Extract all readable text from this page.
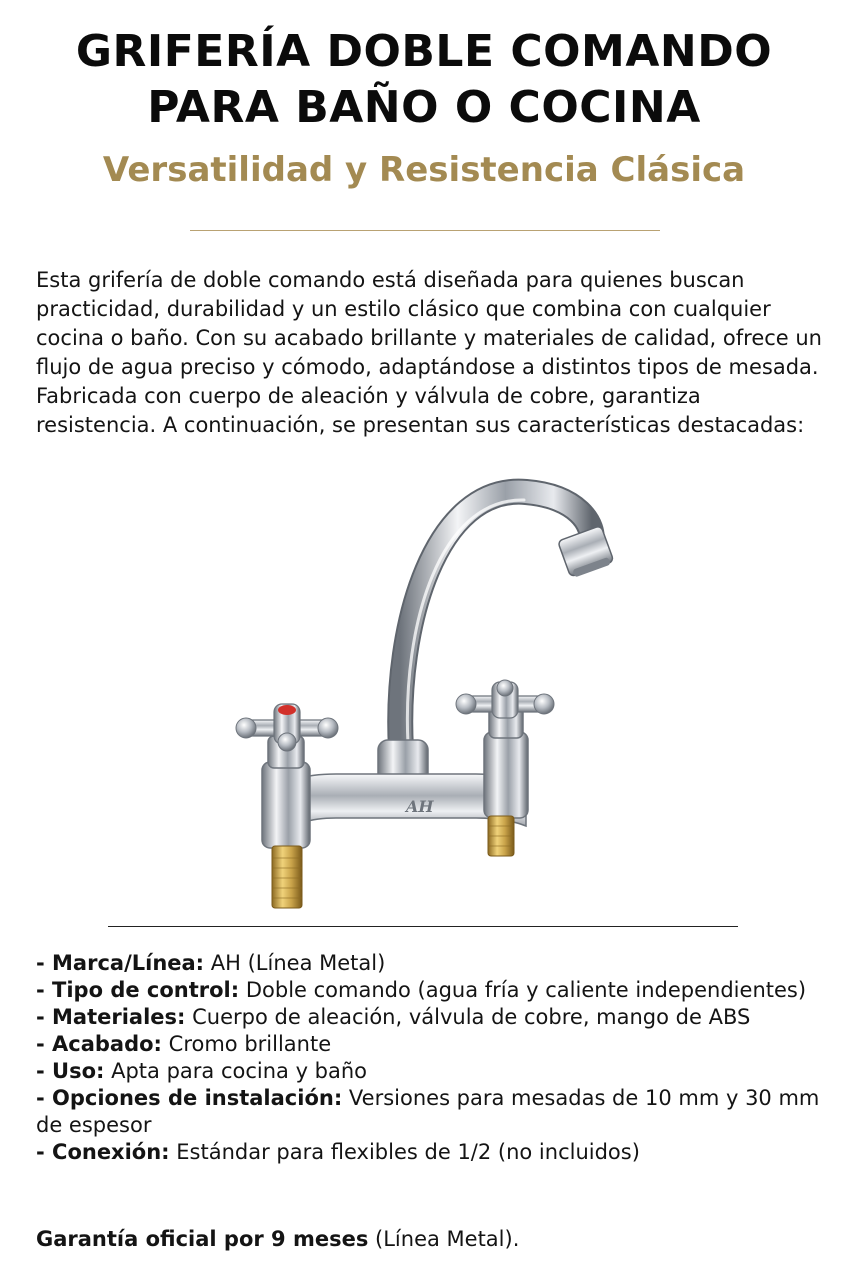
GRIFERÍA DOBLE COMANDO
PARA BAÑO O COCINA
Versatilidad y Resistencia Clásica

Esta grifería de doble comando está diseñada para quienes buscan practicidad, durabilidad y un estilo clásico que combina con cualquier cocina o baño. Con su acabado brillante y materiales de calidad, ofrece un flujo de agua preciso y cómodo, adaptándose a distintos tipos de mesada. Fabricada con cuerpo de aleación y válvula de cobre, garantiza resistencia. A continuación, se presentan sus características destacadas:

AH
- Marca/Línea: AH (Línea Metal)
- Tipo de control: Doble comando (agua fría y caliente independientes)
- Materiales: Cuerpo de aleación, válvula de cobre, mango de ABS
- Acabado: Cromo brillante
- Uso: Apta para cocina y baño
- Opciones de instalación: Versiones para mesadas de 10 mm y 30 mm de espesor
- Conexión: Estándar para flexibles de 1/2 (no incluidos)
Garantía oficial por 9 meses (Línea Metal).
